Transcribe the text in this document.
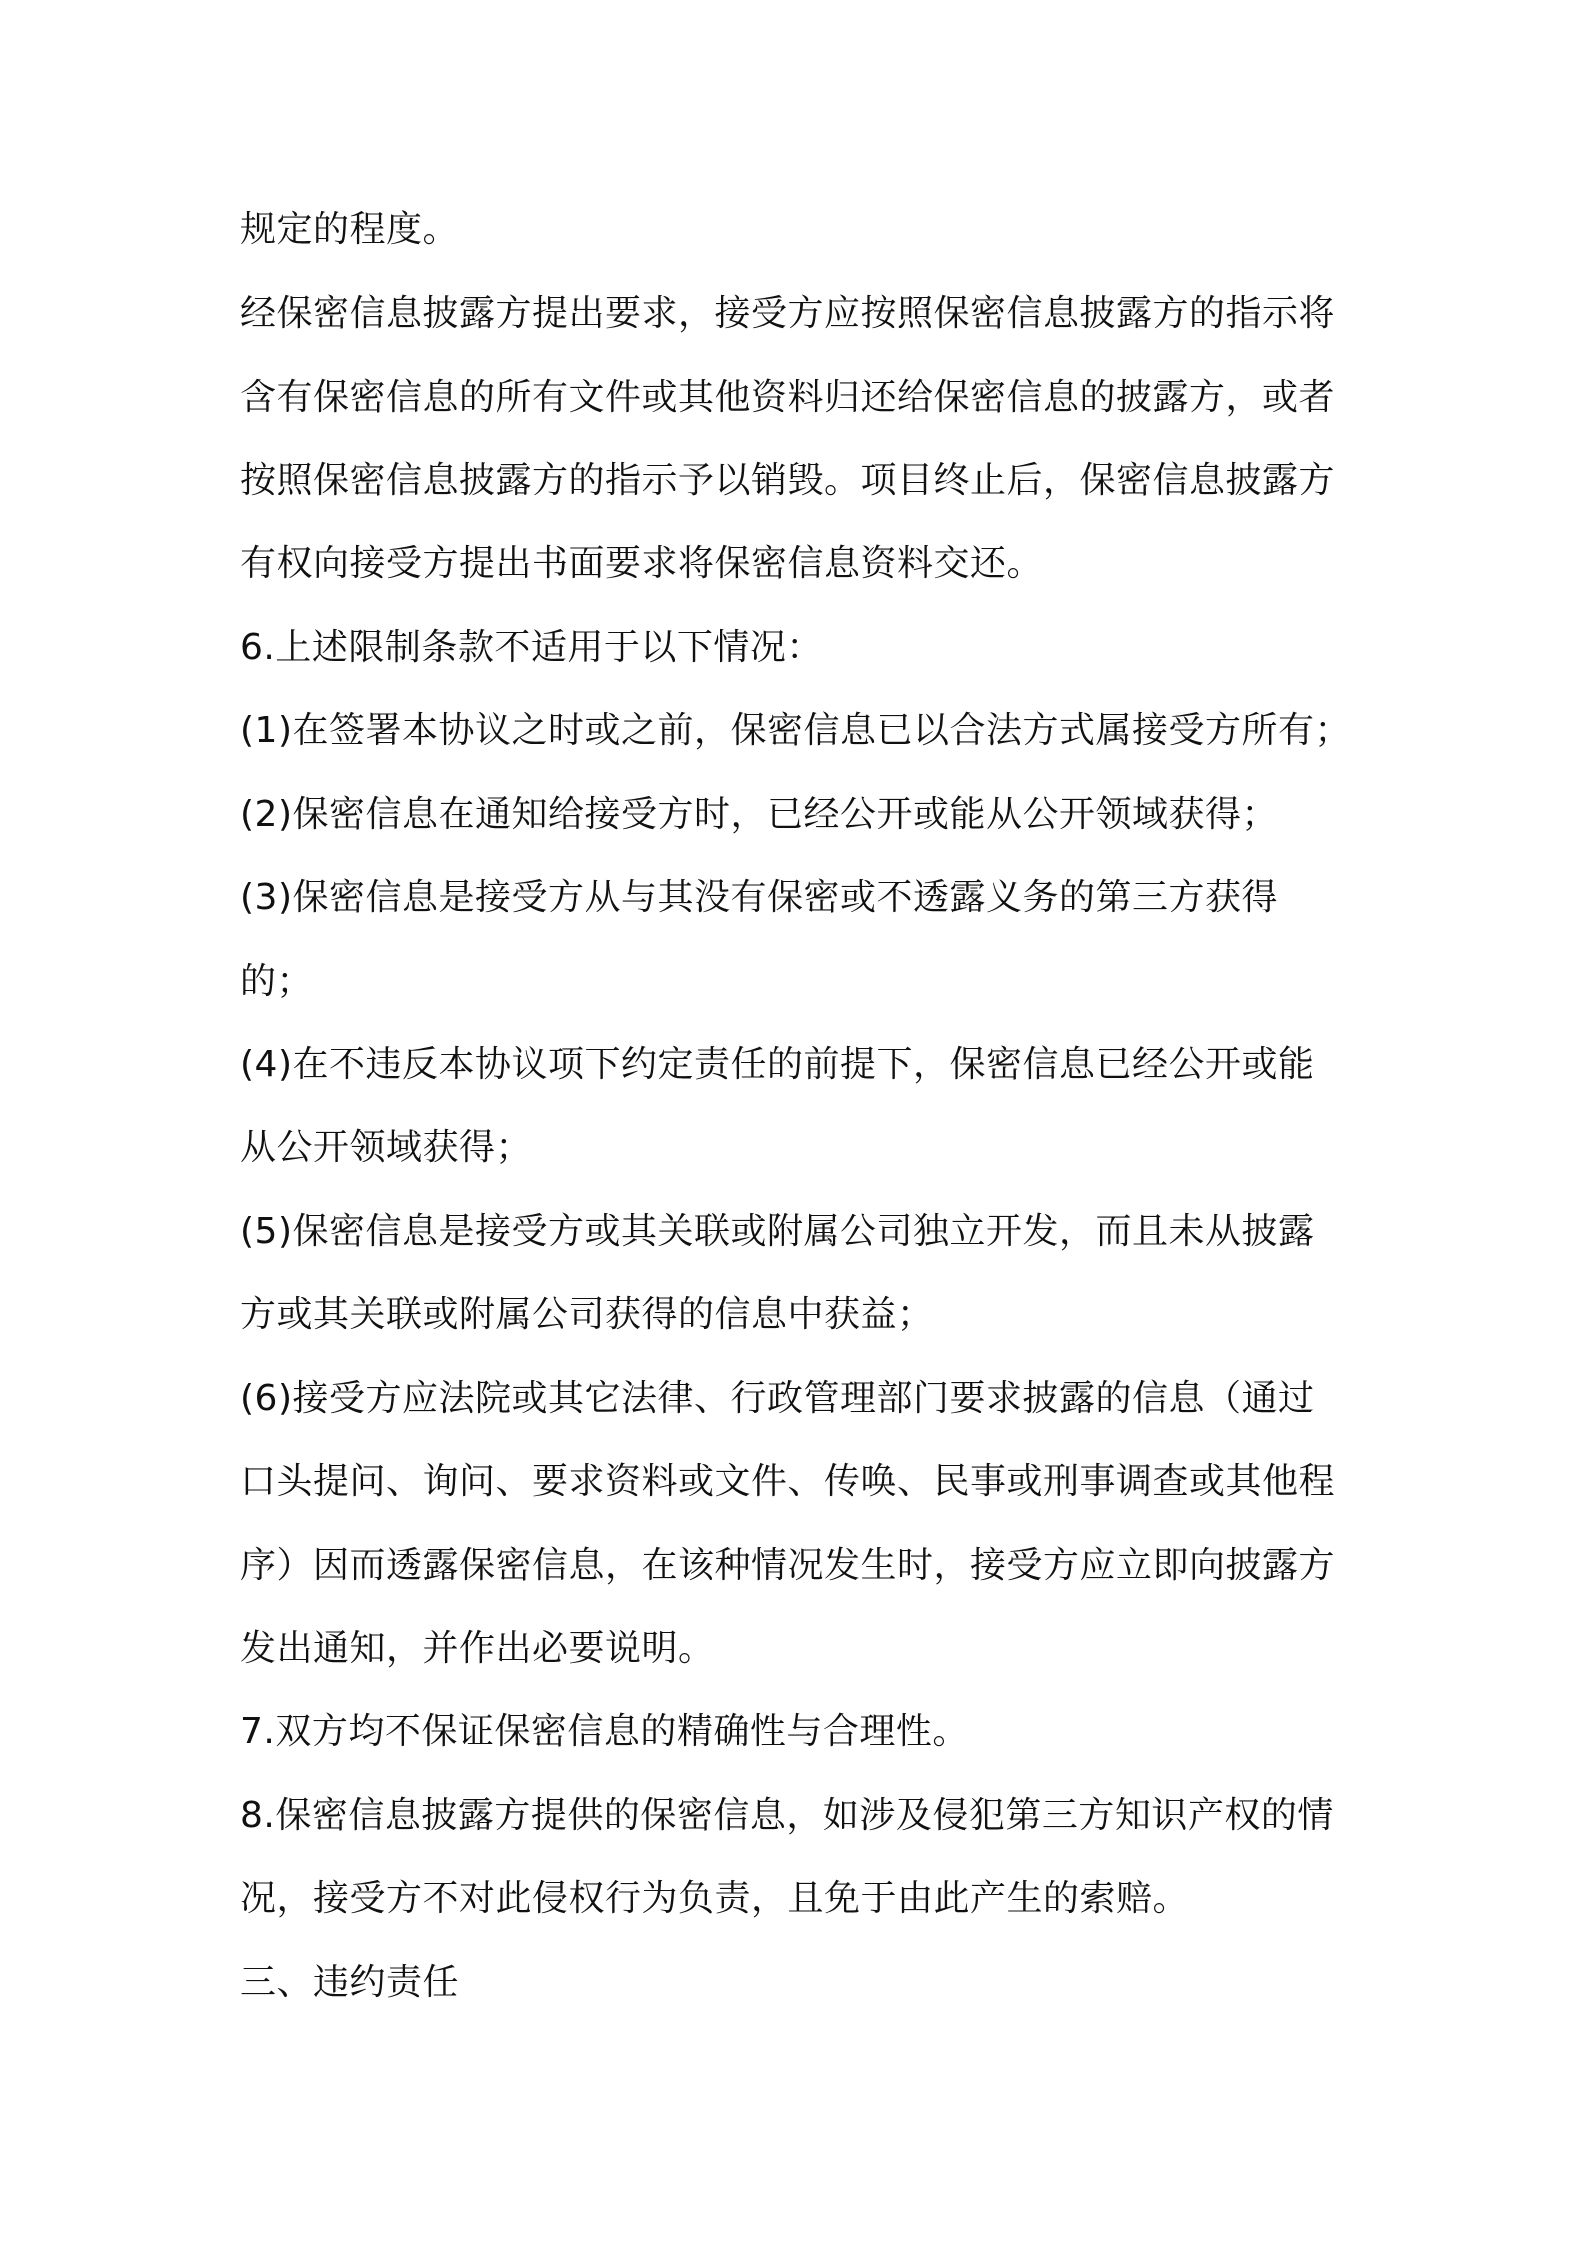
规定的程度。
经保密信息披露方提出要求，接受方应按照保密信息披露方的指示将
含有保密信息的所有文件或其他资料归还给保密信息的披露方，或者
按照保密信息披露方的指示予以销毁。项目终止后，保密信息披露方
有权向接受方提出书面要求将保密信息资料交还。
6.上述限制条款不适用于以下情况：
(1)在签署本协议之时或之前，保密信息已以合法方式属接受方所有；
(2)保密信息在通知给接受方时，已经公开或能从公开领域获得；
(3)保密信息是接受方从与其没有保密或不透露义务的第三方获得
的；
(4)在不违反本协议项下约定责任的前提下，保密信息已经公开或能
从公开领域获得；
(5)保密信息是接受方或其关联或附属公司独立开发，而且未从披露
方或其关联或附属公司获得的信息中获益；
(6)接受方应法院或其它法律、行政管理部门要求披露的信息（通过
口头提问、询问、要求资料或文件、传唤、民事或刑事调查或其他程
序）因而透露保密信息，在该种情况发生时，接受方应立即向披露方
发出通知，并作出必要说明。
7.双方均不保证保密信息的精确性与合理性。
8.保密信息披露方提供的保密信息，如涉及侵犯第三方知识产权的情
况，接受方不对此侵权行为负责，且免于由此产生的索赔。
三、违约责任
